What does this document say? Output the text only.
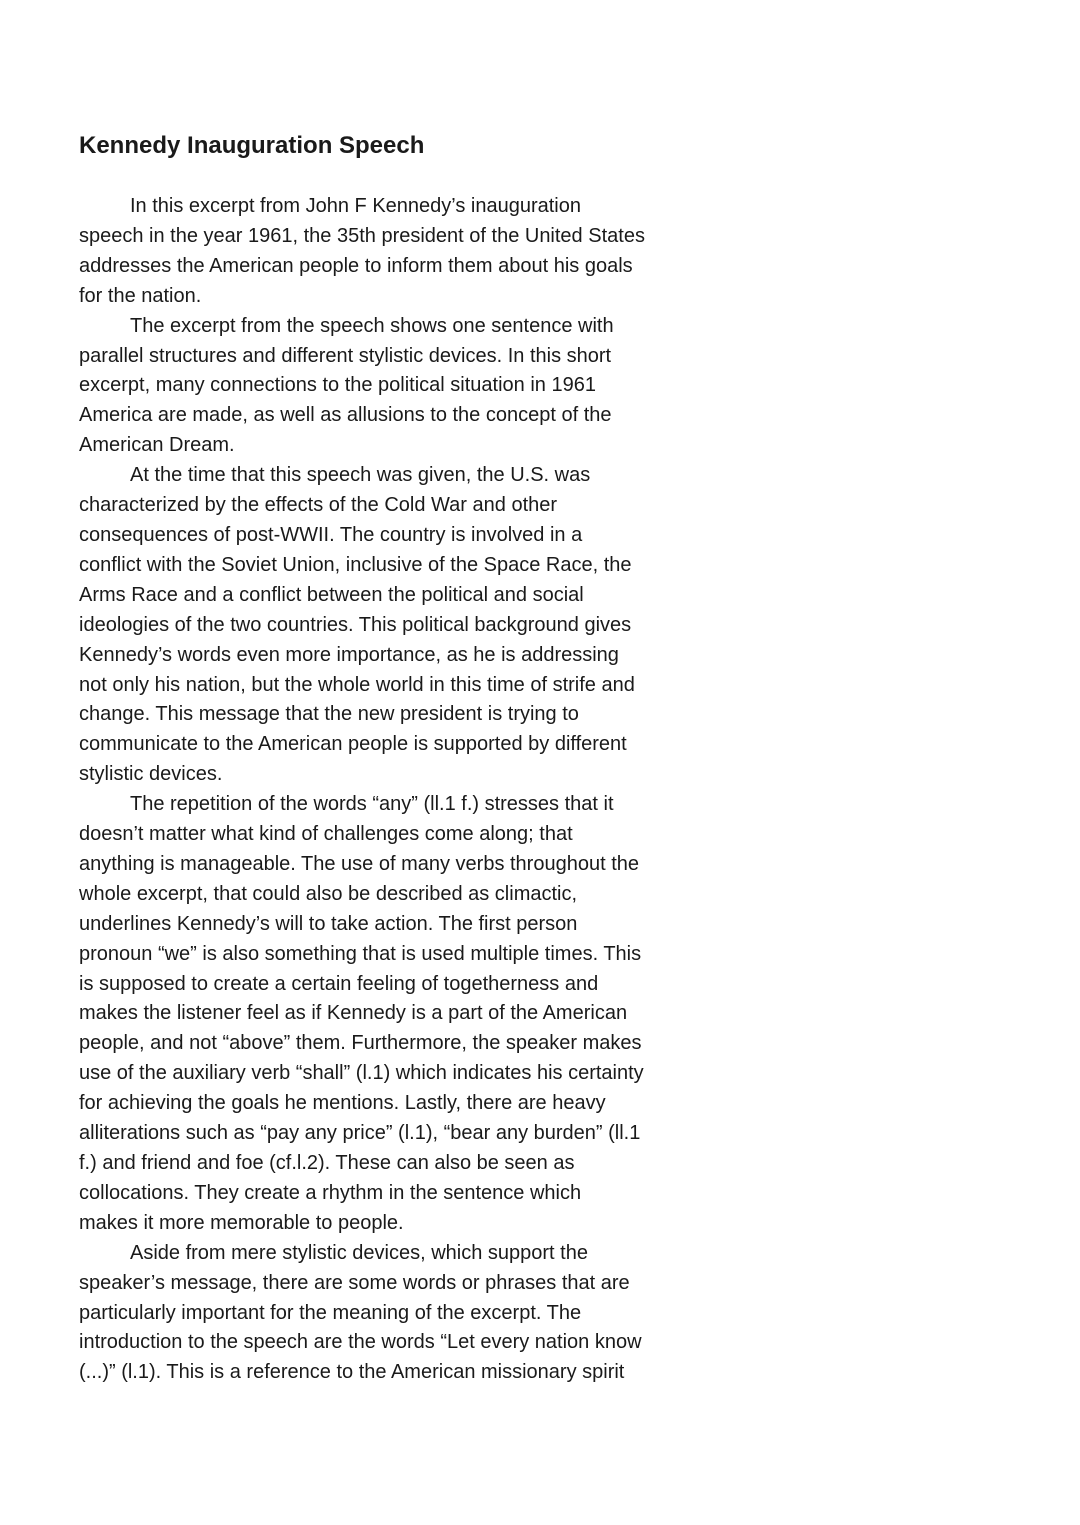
Kennedy Inauguration Speech

In this excerpt from John F Kennedy’s inauguration
speech in the year 1961, the 35th president of the United States
addresses the American people to inform them about his goals
for the nation.

The excerpt from the speech shows one sentence with
parallel structures and different stylistic devices. In this short
excerpt, many connections to the political situation in 1961
America are made, as well as allusions to the concept of the
American Dream.

At the time that this speech was given, the U.S. was
characterized by the effects of the Cold War and other
consequences of post-WWII. The country is involved in a
conflict with the Soviet Union, inclusive of the Space Race, the
Arms Race and a conflict between the political and social
ideologies of the two countries. This political background gives
Kennedy’s words even more importance, as he is addressing
not only his nation, but the whole world in this time of strife and
change. This message that the new president is trying to
communicate to the American people is supported by different
stylistic devices.

The repetition of the words “any” (ll.1 f.) stresses that it
doesn’t matter what kind of challenges come along; that
anything is manageable. The use of many verbs throughout the
whole excerpt, that could also be described as climactic,
underlines Kennedy’s will to take action. The first person
pronoun “we” is also something that is used multiple times. This
is supposed to create a certain feeling of togetherness and
makes the listener feel as if Kennedy is a part of the American
people, and not “above” them. Furthermore, the speaker makes
use of the auxiliary verb “shall” (l.1) which indicates his certainty
for achieving the goals he mentions. Lastly, there are heavy
alliterations such as “pay any price” (l.1), “bear any burden” (ll.1
f.) and friend and foe (cf.l.2). These can also be seen as
collocations. They create a rhythm in the sentence which
makes it more memorable to people.

Aside from mere stylistic devices, which support the
speaker’s message, there are some words or phrases that are
particularly important for the meaning of the excerpt. The
introduction to the speech are the words “Let every nation know
(...)” (l.1). This is a reference to the American missionary spirit
